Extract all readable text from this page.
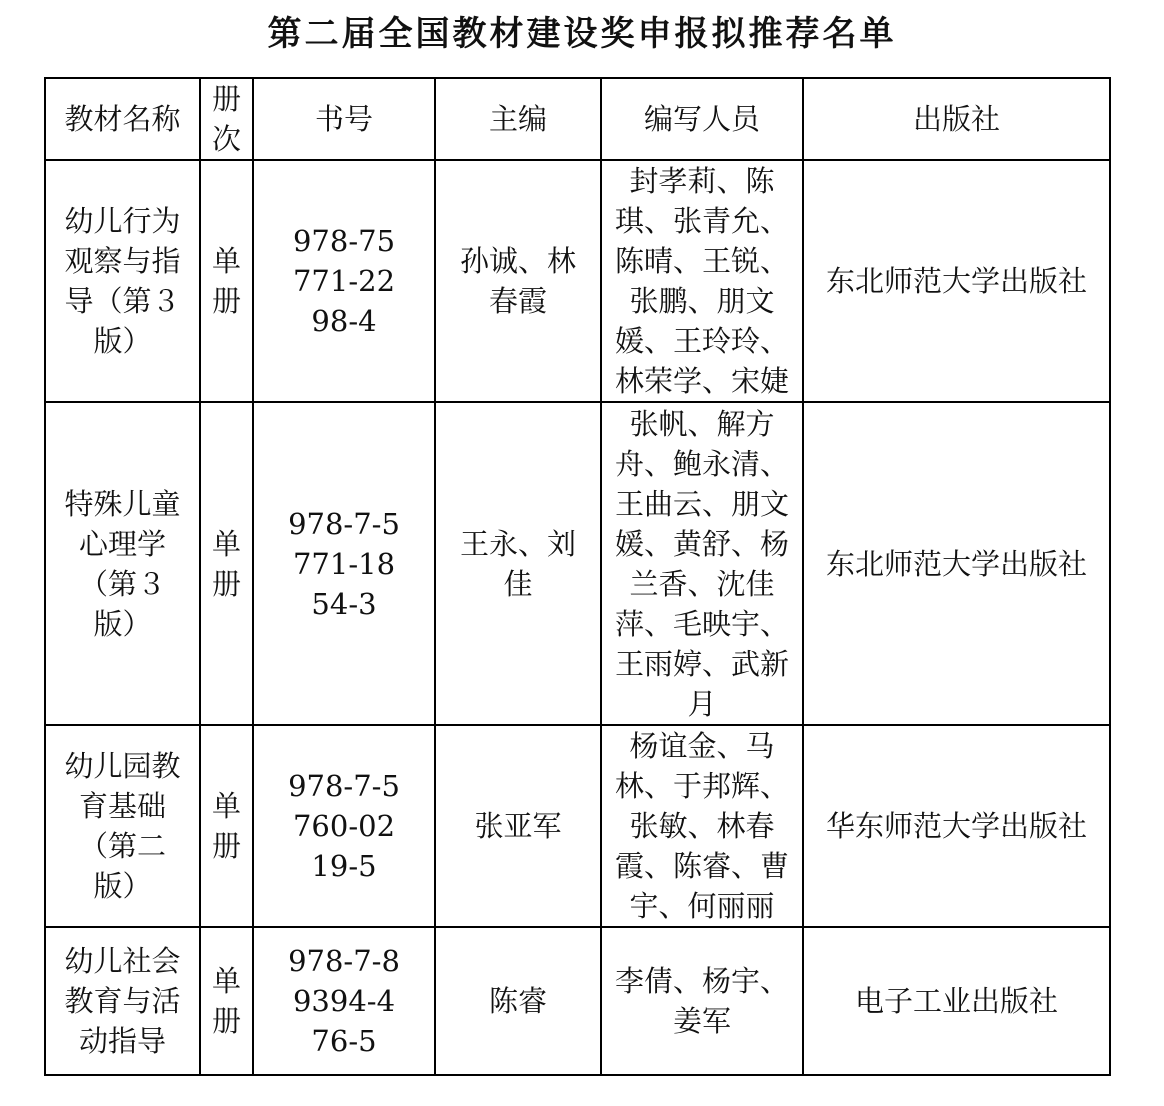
第二届全国教材建设奖申报拟推荐名单
教材名称	册次	书号	主编	编写人员	出版社
幼儿行为观察与指导（第３版）	单册	978-75771-2298-4	孙诚、林春霞	封孝莉、陈琪、张青允、陈晴、王锐、张鹏、朋文媛、王玲玲、林荣学、宋婕	东北师范大学出版社
特殊儿童心理学（第３版）	单册	978-7-5771-1854-3	王永、刘佳	张帆、解方舟、鲍永清、王曲云、朋文媛、黄舒、杨兰香、沈佳萍、毛映宇、王雨婷、武新月	东北师范大学出版社
幼儿园教育基础（第二版）	单册	978-7-5760-0219-5	张亚军	杨谊金、马林、于邦辉、张敏、林春霞、陈睿、曹宇、何丽丽	华东师范大学出版社
幼儿社会教育与活动指导	单册	978-7-89394-476-5	陈睿	李倩、杨宇、姜军	电子工业出版社
